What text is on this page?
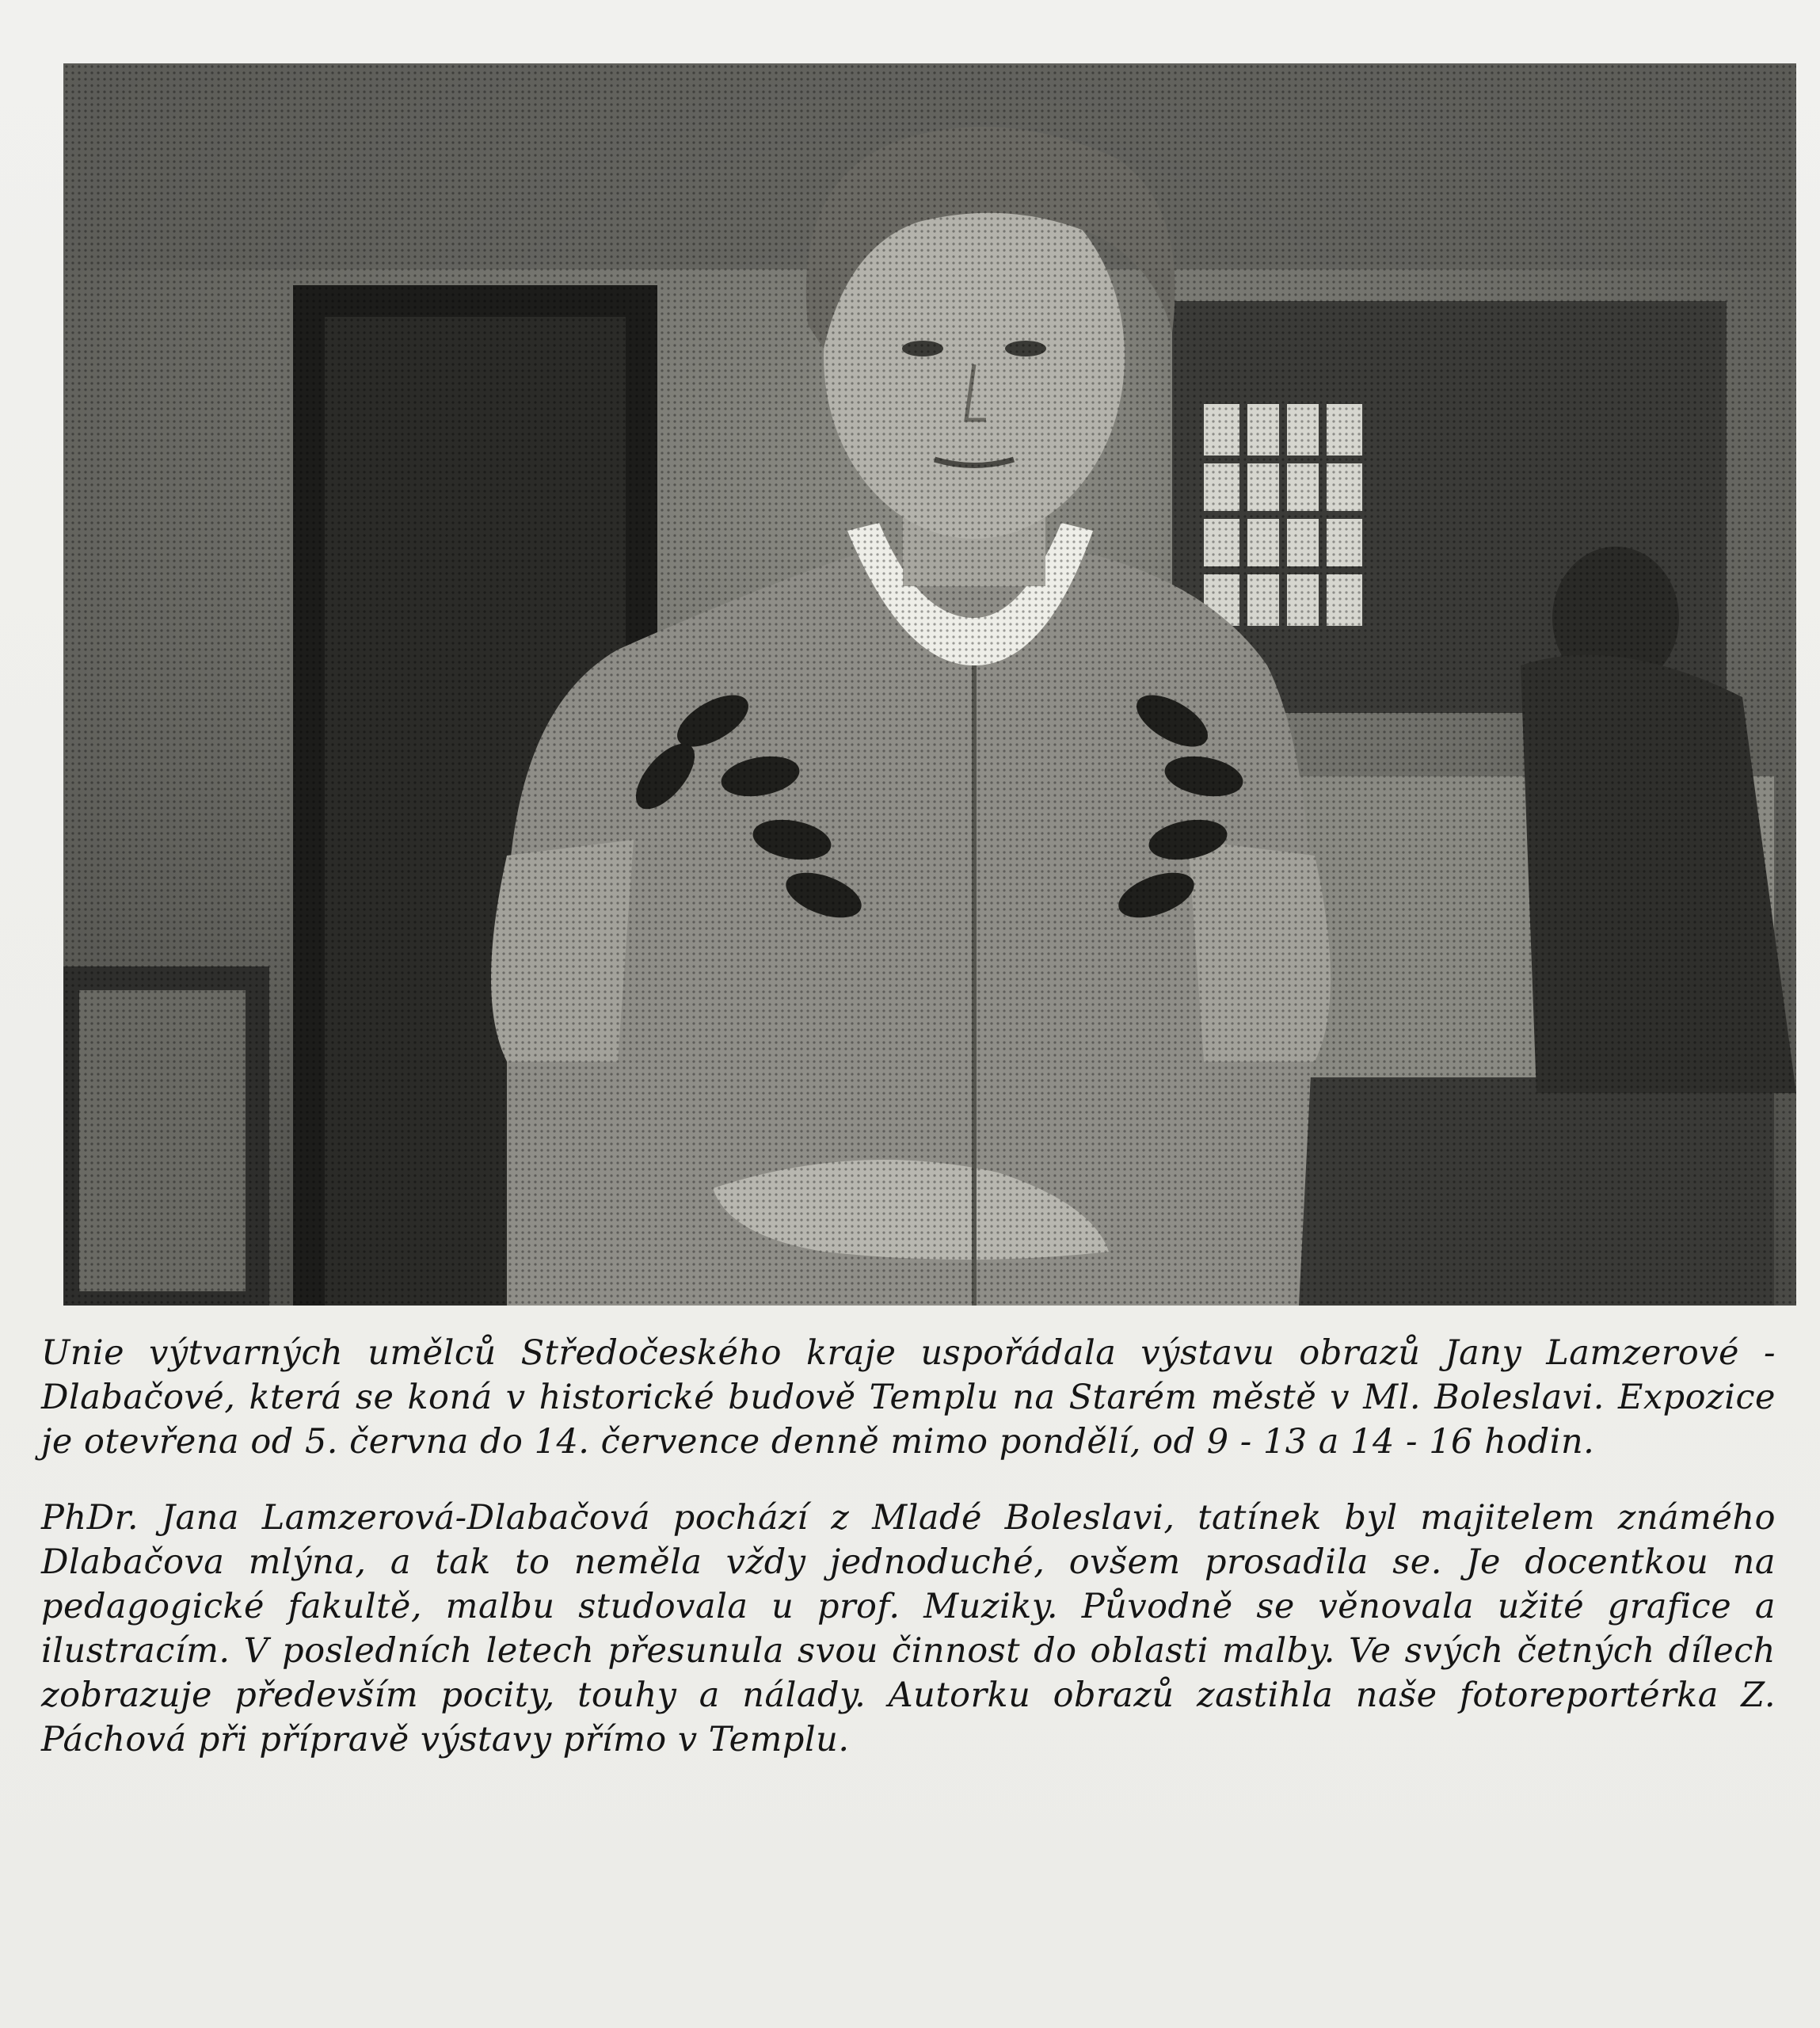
Unie výtvarných umělců Středočeského kraje uspořádala výstavu obrazů Jany Lamzerové - Dlabačové, která se koná v historické budově Templu na Starém městě v Ml. Boleslavi. Expozice je otevřena od 5. června do 14. července denně mimo pondělí, od 9 - 13 a 14 - 16 hodin.

PhDr. Jana Lamzerová-Dlabačová pochází z Mladé Boleslavi, tatínek byl majitelem známého Dlabačova mlýna, a tak to neměla vždy jednoduché, ovšem prosadila se. Je docentkou na pedagogické fakultě, malbu studovala u prof. Muziky. Původně se věnovala užité grafice a ilustracím. V posledních letech přesunula svou činnost do oblasti malby. Ve svých četných dílech zobrazuje především pocity, touhy a nálady. Autorku obrazů zastihla naše fotoreportérka Z. Páchová při přípravě výstavy přímo v Templu.
